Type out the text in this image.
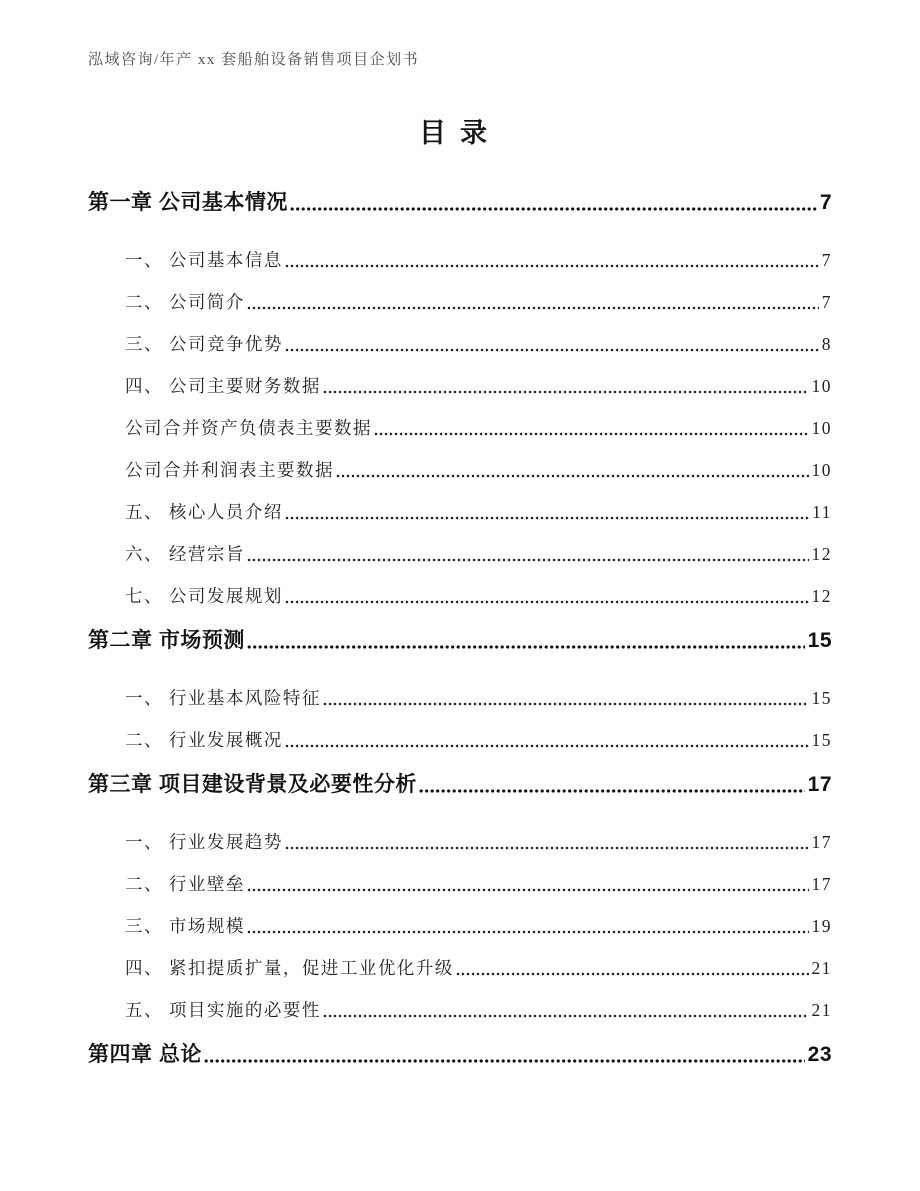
泓域咨询/年产 xx 套船舶设备销售项目企划书
目录
第一章 公司基本情况	7
一、 公司基本信息	7
二、 公司简介	7
三、 公司竞争优势	8
四、 公司主要财务数据	10
公司合并资产负债表主要数据	10
公司合并利润表主要数据	10
五、 核心人员介绍	11
六、 经营宗旨	12
七、 公司发展规划	12
第二章 市场预测	15
一、 行业基本风险特征	15
二、 行业发展概况	15
第三章 项目建设背景及必要性分析	17
一、 行业发展趋势	17
二、 行业壁垒	17
三、 市场规模	19
四、 紧扣提质扩量，促进工业优化升级	21
五、 项目实施的必要性	21
第四章 总论	23
